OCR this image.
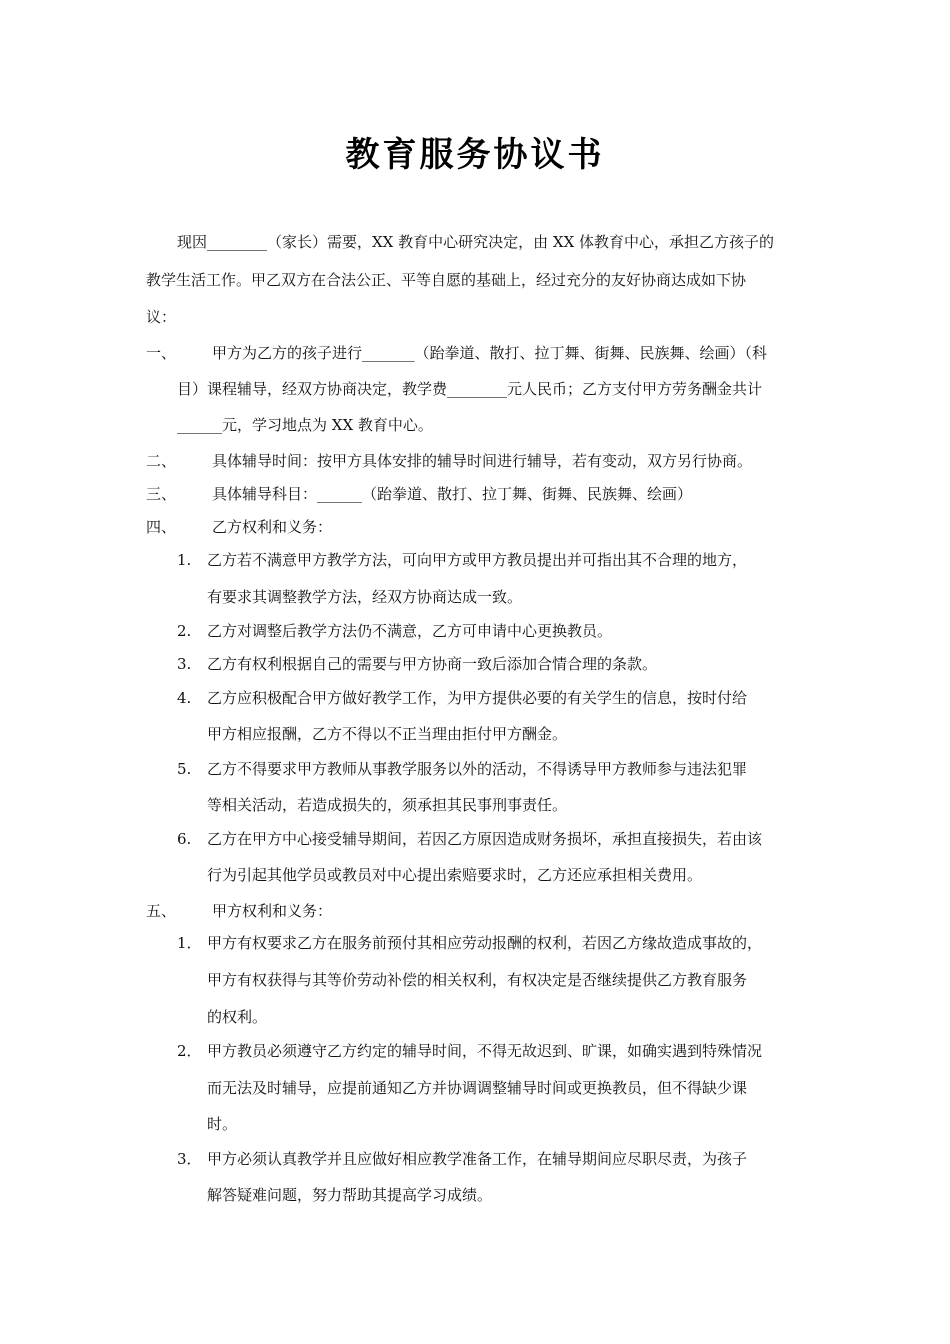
教育服务协议书
现因________（家长）需要，XX 教育中心研究决定，由 XX 体教育中心，承担乙方孩子的
教学生活工作。甲乙双方在合法公正、平等自愿的基础上，经过充分的友好协商达成如下协
议：
一、 甲方为乙方的孩子进行_______（跆拳道、散打、拉丁舞、街舞、民族舞、绘画）（科
目）课程辅导，经双方协商决定，教学费________元人民币；乙方支付甲方劳务酬金共计
______元，学习地点为 XX 教育中心。
二、 具体辅导时间：按甲方具体安排的辅导时间进行辅导，若有变动，双方另行协商。
三、 具体辅导科目：______（跆拳道、散打、拉丁舞、街舞、民族舞、绘画）
四、 乙方权利和义务：
1. 乙方若不满意甲方教学方法，可向甲方或甲方教员提出并可指出其不合理的地方，
有要求其调整教学方法，经双方协商达成一致。
2. 乙方对调整后教学方法仍不满意，乙方可申请中心更换教员。
3. 乙方有权利根据自己的需要与甲方协商一致后添加合情合理的条款。
4. 乙方应积极配合甲方做好教学工作，为甲方提供必要的有关学生的信息，按时付给
甲方相应报酬，乙方不得以不正当理由拒付甲方酬金。
5. 乙方不得要求甲方教师从事教学服务以外的活动，不得诱导甲方教师参与违法犯罪
等相关活动，若造成损失的，须承担其民事刑事责任。
6. 乙方在甲方中心接受辅导期间，若因乙方原因造成财务损坏，承担直接损失，若由该
行为引起其他学员或教员对中心提出索赔要求时，乙方还应承担相关费用。
五、 甲方权利和义务：
1． 甲方有权要求乙方在服务前预付其相应劳动报酬的权利，若因乙方缘故造成事故的，
甲方有权获得与其等价劳动补偿的相关权利，有权决定是否继续提供乙方教育服务
的权利。
2． 甲方教员必须遵守乙方约定的辅导时间，不得无故迟到、旷课，如确实遇到特殊情况
而无法及时辅导，应提前通知乙方并协调调整辅导时间或更换教员，但不得缺少课
时。
3． 甲方必须认真教学并且应做好相应教学准备工作，在辅导期间应尽职尽责，为孩子
解答疑难问题，努力帮助其提高学习成绩。
